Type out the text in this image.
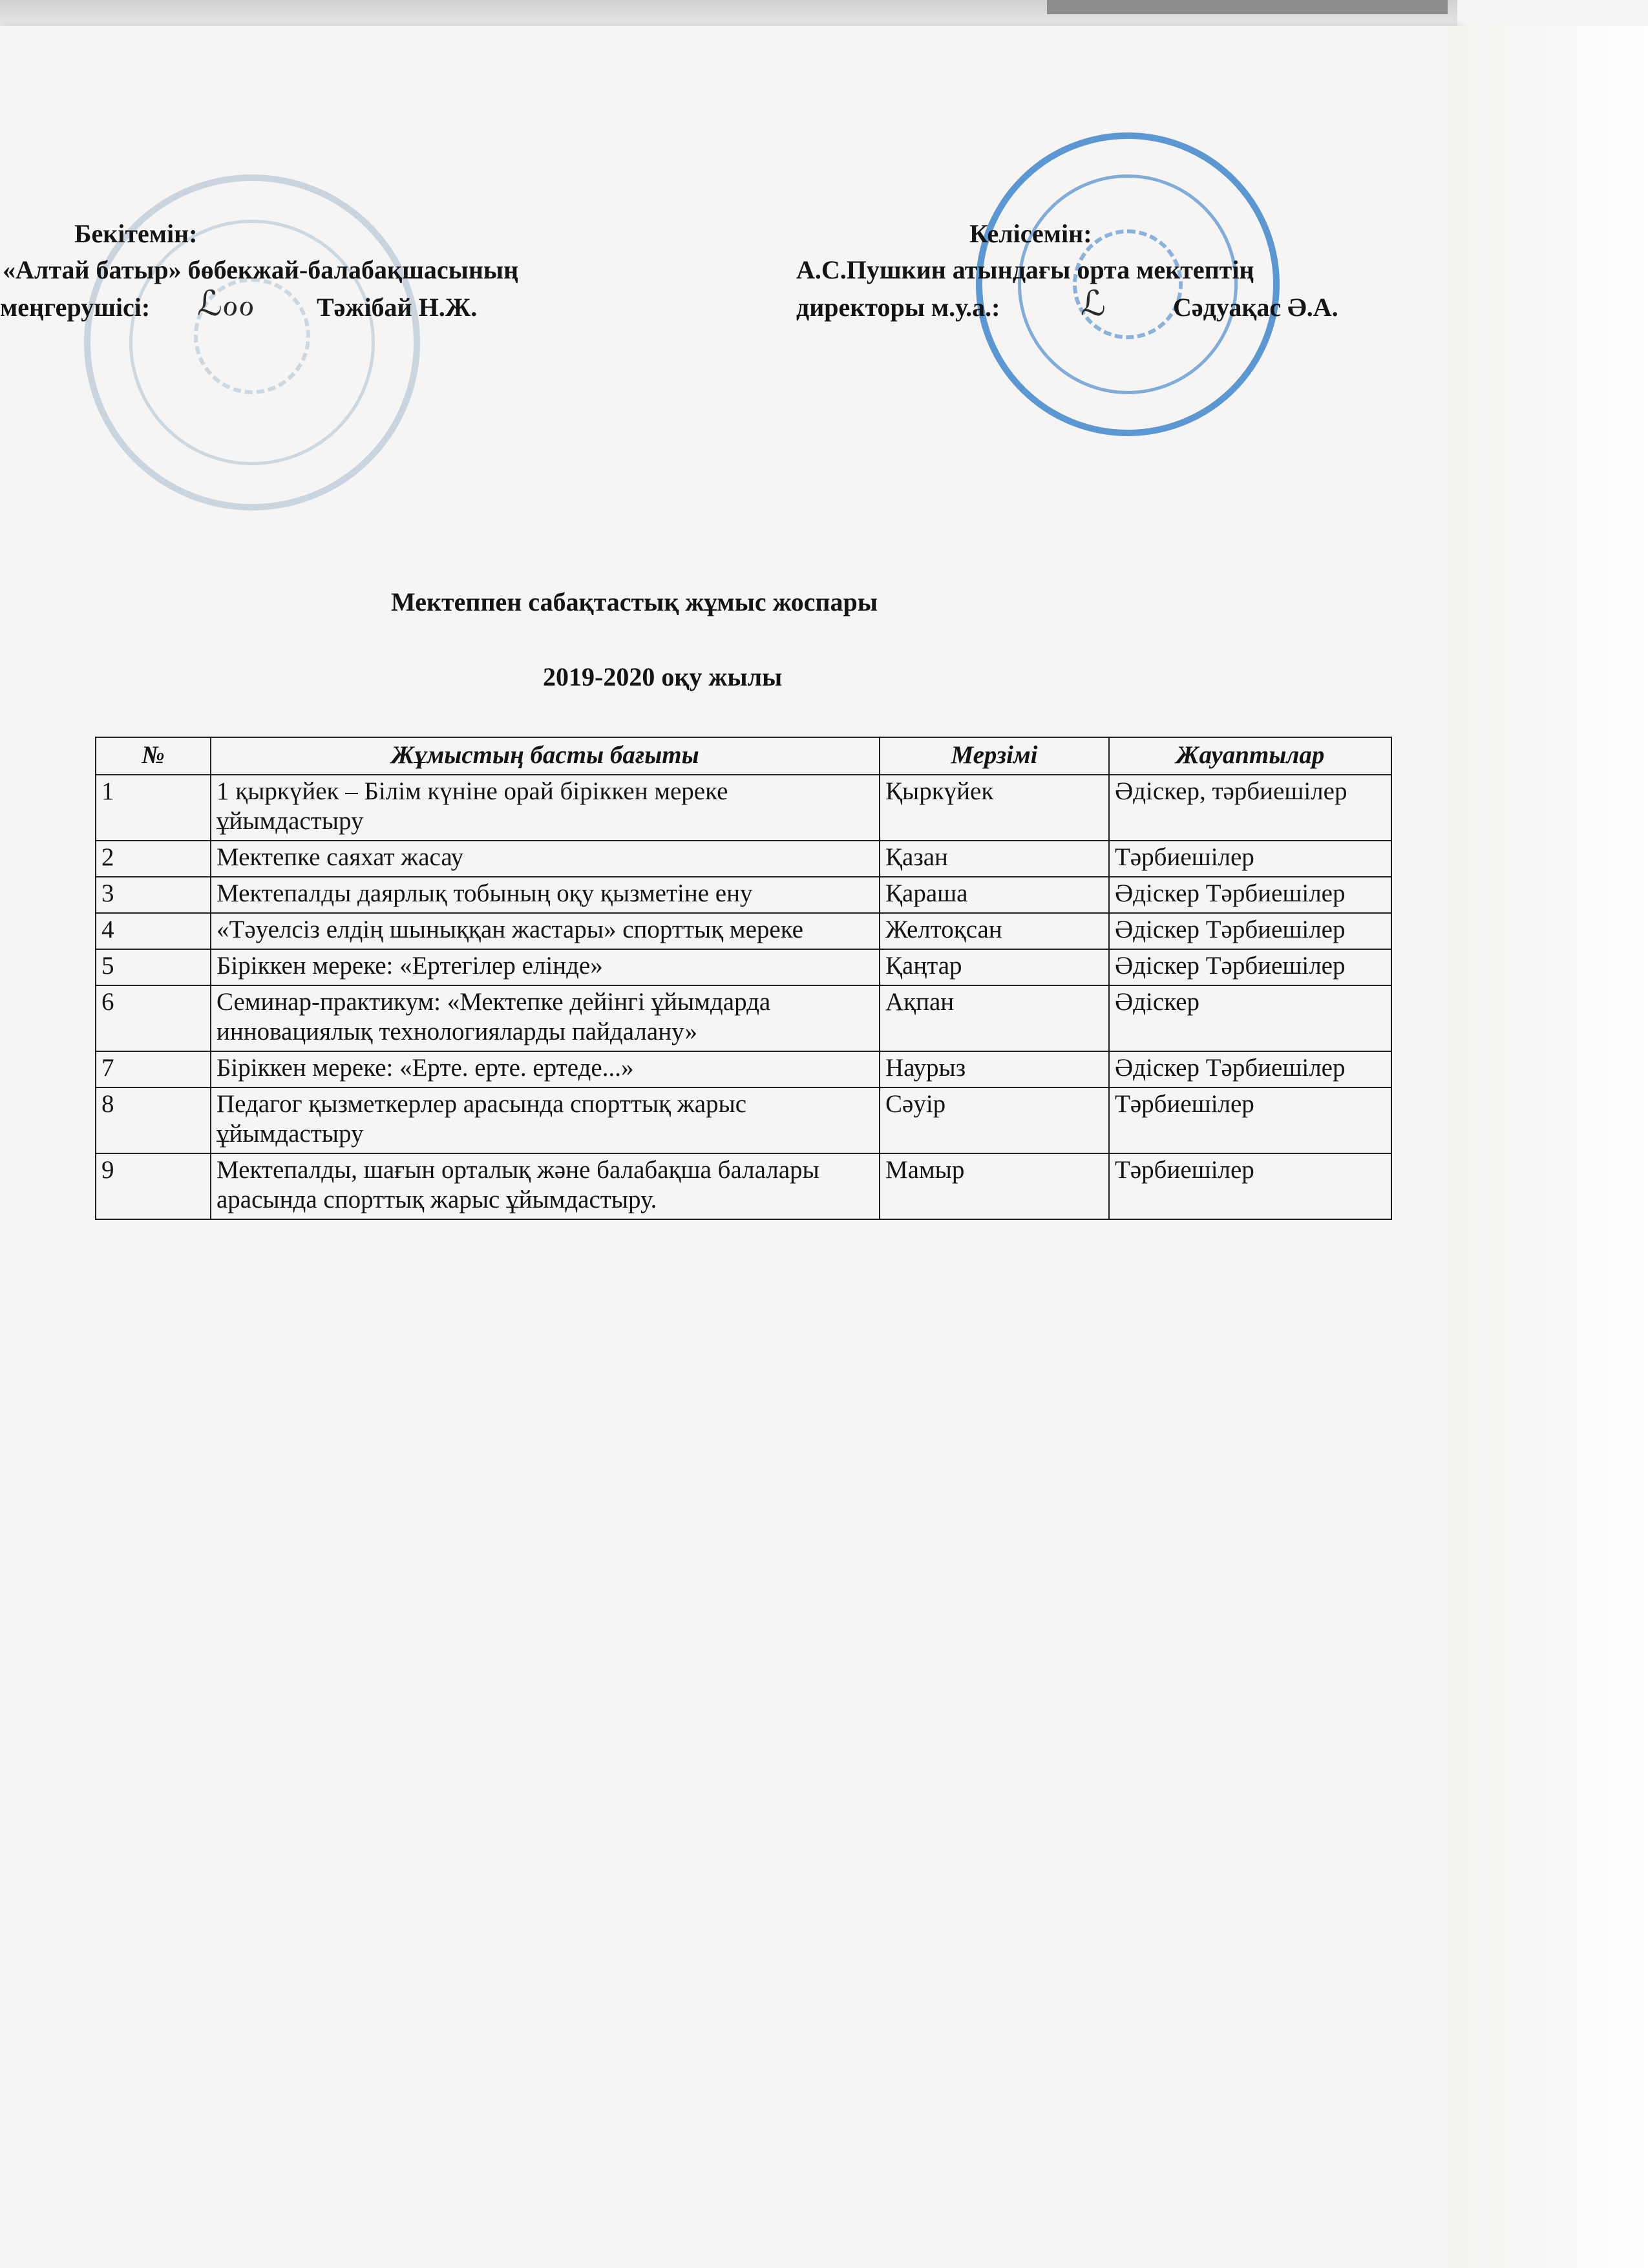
Бекітемін:
«Алтай батыр» бөбекжай-балабақшасының
меңгерушісі: ℒℴℴ Тәжібай Н.Ж.
Келісемін:
А.С.Пушкин атындағы орта мектептің
директоры м.у.а.: ℒ	Сәдуақас Ә.А.
Мектеппен сабақтастық жұмыс жоспары
2019-2020 оқу жылы
№	Жұмыстың басты бағыты	Мерзімі	Жауаптылар
1	1 қыркүйек – Білім күніне орай біріккен мереке ұйымдастыру	Қыркүйек	Әдіскер, тәрбиешілер
2	Мектепке саяхат жасау	Қазан	Тәрбиешілер
3	Мектепалды даярлық тобының оқу қызметіне ену	Қараша	Әдіскер Тәрбиешілер
4	«Тәуелсіз елдің шыныққан жастары» спорттық мереке	Желтоқсан	Әдіскер Тәрбиешілер
5	Біріккен мереке: «Ертегілер елінде»	Қаңтар	Әдіскер Тәрбиешілер
6	Семинар-практикум: «Мектепке дейінгі ұйымдарда инновациялық технологияларды пайдалану»	Ақпан	Әдіскер
7	Біріккен мереке: «Ерте. ерте. ертеде...»	Наурыз	Әдіскер Тәрбиешілер
8	Педагог қызметкерлер арасында спорттық жарыс ұйымдастыру	Сәуір	Тәрбиешілер
9	Мектепалды, шағын орталық және балабақша балалары арасында спорттық жарыс ұйымдастыру.	Мамыр	Тәрбиешілер
